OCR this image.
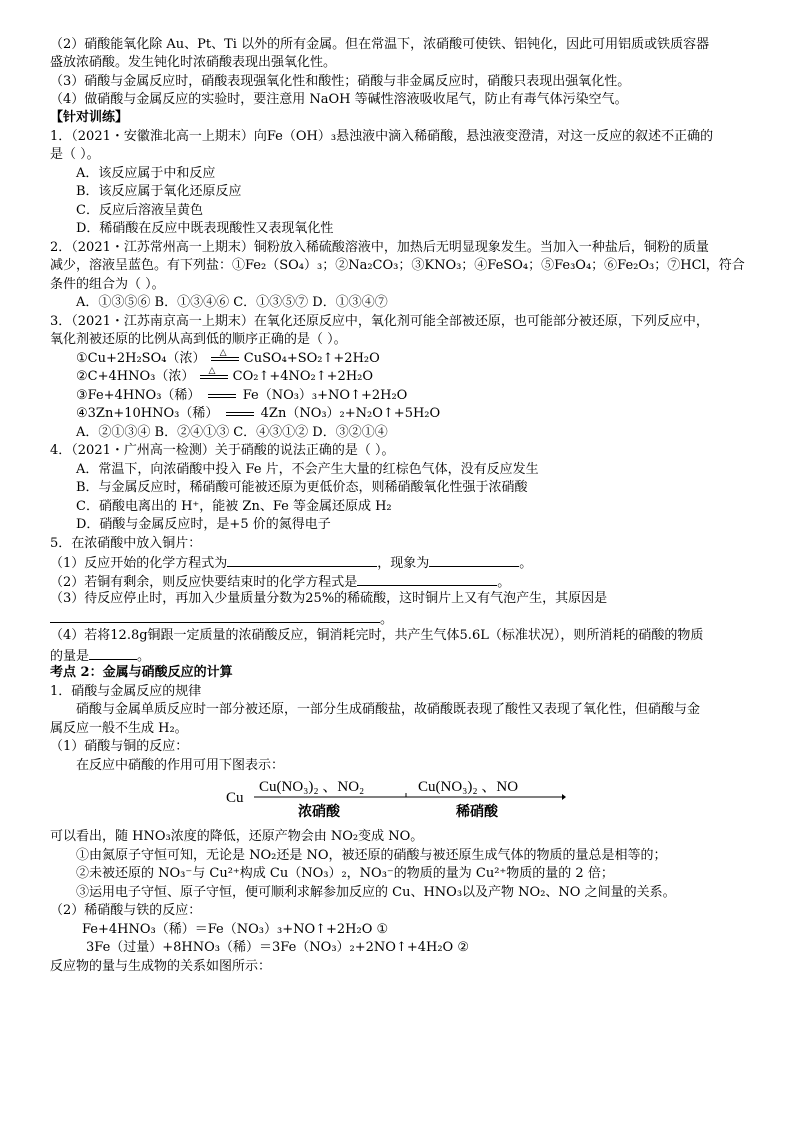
（2）硝酸能氧化除 Au、Pt、Ti 以外的所有金属。但在常温下，浓硝酸可使铁、铝钝化，因此可用铝质或铁质容器
盛放浓硝酸。发生钝化时浓硝酸表现出强氧化性。
（3）硝酸与金属反应时，硝酸表现强氧化性和酸性；硝酸与非金属反应时，硝酸只表现出强氧化性。
（4）做硝酸与金属反应的实验时，要注意用 NaOH 等碱性溶液吸收尾气，防止有毒气体污染空气。
【针对训练】
1．（2021・安徽淮北高一上期末）向Fe（OH）₃悬浊液中滴入稀硝酸，悬浊液变澄清，对这一反应的叙述不正确的
是（ ）。
A．该反应属于中和反应
B．该反应属于氧化还原反应
C．反应后溶液呈黄色
D．稀硝酸在反应中既表现酸性又表现氧化性
2．（2021・江苏常州高一上期末）铜粉放入稀硫酸溶液中，加热后无明显现象发生。当加入一种盐后，铜粉的质量
减少，溶液呈蓝色。有下列盐：①Fe₂（SO₄）₃；②Na₂CO₃；③KNO₃；④FeSO₄；⑤Fe₃O₄；⑥Fe₂O₃；⑦HCl，符合
条件的组合为（ ）。
A．①③⑤⑥ B．①③④⑥ C．①③⑤⑦ D．①③④⑦
3．（2021・江苏南京高一上期末）在氧化还原反应中，氧化剂可能全部被还原，也可能部分被还原，下列反应中，
氧化剂被还原的比例从高到低的顺序正确的是（ ）。
①Cu+2H₂SO₄（浓） △ CuSO₄+SO₂↑+2H₂O
②C+4HNO₃（浓） △ CO₂↑+4NO₂↑+2H₂O
③Fe+4HNO₃（稀）	Fe（NO₃）₃+NO↑+2H₂O
④3Zn+10HNO₃（稀）	4Zn（NO₃）₂+N₂O↑+5H₂O
A．②①③④ B．②④①③ C．④③①② D．③②①④
4．（2021・广州高一检测）关于硝酸的说法正确的是（ ）。
A．常温下，向浓硝酸中投入 Fe 片，不会产生大量的红棕色气体，没有反应发生
B．与金属反应时，稀硝酸可能被还原为更低价态，则稀硝酸氧化性强于浓硝酸
C．硝酸电离出的 H⁺，能被 Zn、Fe 等金属还原成 H₂
D．硝酸与金属反应时，是+5 价的氮得电子
5．在浓硝酸中放入铜片：
（1）反应开始的化学方程式为	，现象为	。
（2）若铜有剩余，则反应快要结束时的化学方程式是	。
（3）待反应停止时，再加入少量质量分数为25%的稀硫酸，这时铜片上又有气泡产生，其原因是
。
（4）若将12.8g铜跟一定质量的浓硝酸反应，铜消耗完时，共产生气体5.6L（标准状况），则所消耗的硝酸的物质
的量是	。
考点 2：金属与硝酸反应的计算
1．硝酸与金属反应的规律
硝酸与金属单质反应时一部分被还原，一部分生成硝酸盐，故硝酸既表现了酸性又表现了氧化性，但硝酸与金
属反应一般不生成 H₂。
（1）硝酸与铜的反应：
在反应中硝酸的作用可用下图表示：
Cu
Cu(NO₃)₂ 、NO₂	Cu(NO₃)₂ 、NO
浓硝酸	稀硝酸
可以看出，随 HNO₃浓度的降低，还原产物会由 NO₂变成 NO。
①由氮原子守恒可知，无论是 NO₂还是 NO，被还原的硝酸与被还原生成气体的物质的量总是相等的；
②未被还原的 NO₃⁻与 Cu²⁺构成 Cu（NO₃）₂，NO₃⁻的物质的量为 Cu²⁺物质的量的 2 倍；
③运用电子守恒、原子守恒，便可顺利求解参加反应的 Cu、HNO₃以及产物 NO₂、NO 之间量的关系。
（2）稀硝酸与铁的反应：
Fe+4HNO₃（稀）＝Fe（NO₃）₃+NO↑+2H₂O ①
3Fe（过量）+8HNO₃（稀）＝3Fe（NO₃）₂+2NO↑+4H₂O ②
反应物的量与生成物的关系如图所示：
